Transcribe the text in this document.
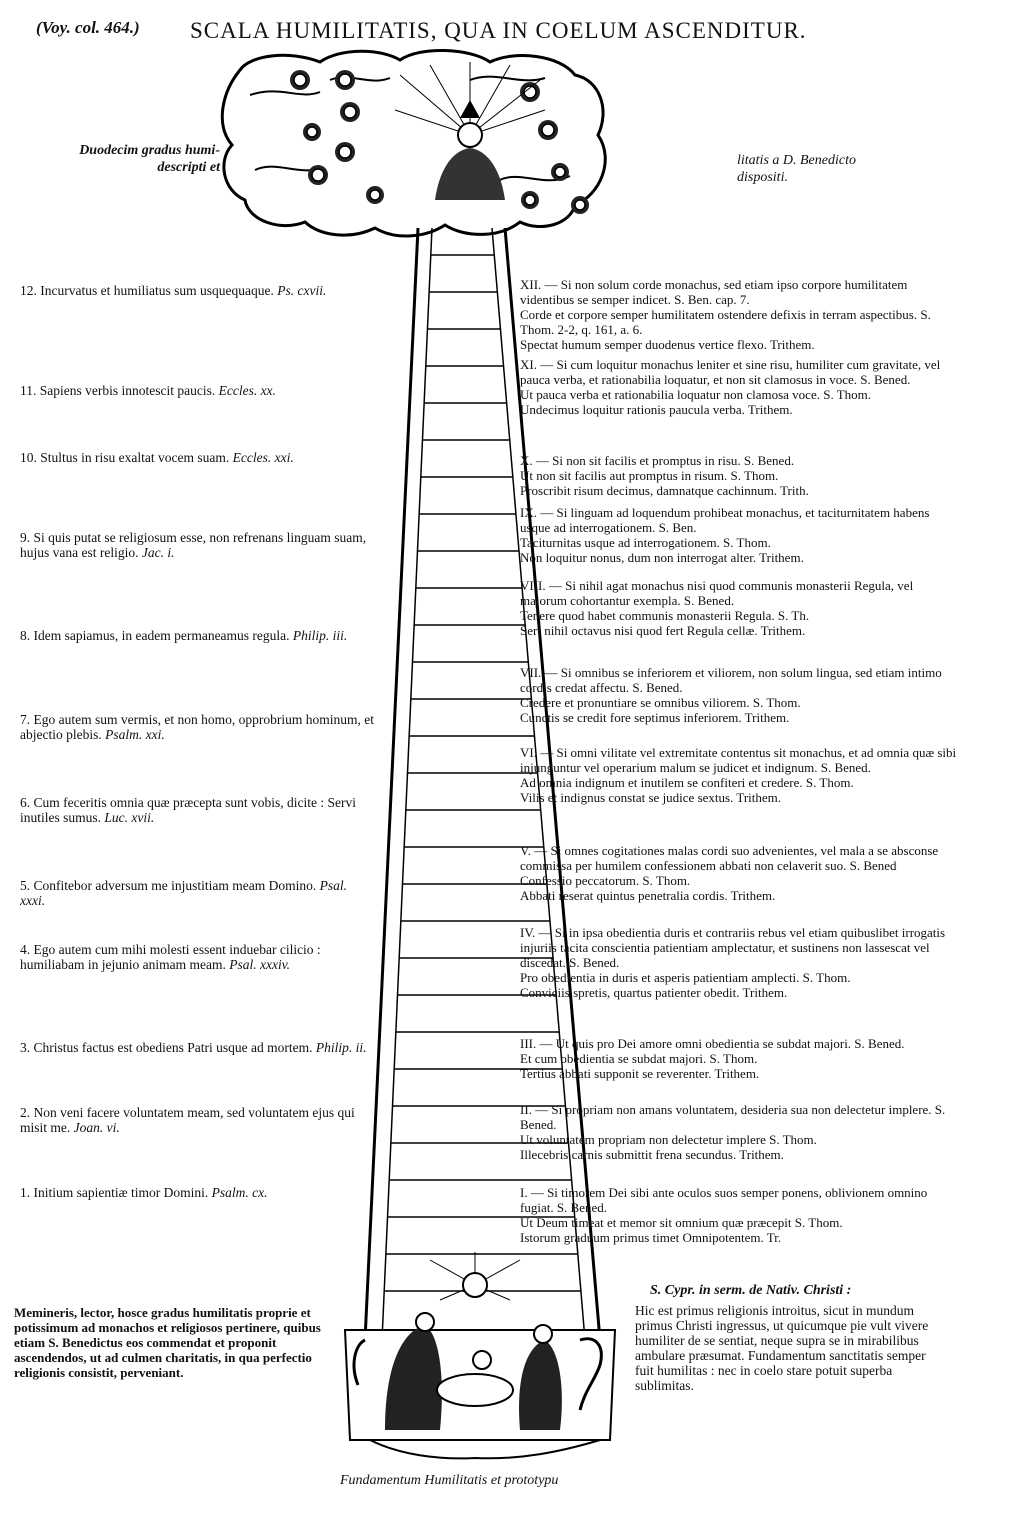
(Voy. col. 464.) SCALA HUMILITATIS, QUA IN COELUM ASCENDITUR.
Duodecim gradus humi- descripti et	litatis a D. Benedicto dispositi.
12. Incurvatus et humiliatus sum usquequaque. Ps. cxvii.
11. Sapiens verbis innotescit paucis. Eccles. xx.
10. Stultus in risu exaltat vocem suam. Eccles. xxi.
9. Si quis putat se religiosum esse, non refrenans linguam suam, hujus vana est religio. Jac. i.
8. Idem sapiamus, in eadem permaneamus regula. Philip. iii.
7. Ego autem sum vermis, et non homo, opprobrium hominum, et abjectio plebis. Psalm. xxi.
6. Cum feceritis omnia quæ præcepta sunt vobis, dicite : Servi inutiles sumus. Luc. xvii.
5. Confitebor adversum me injustitiam meam Domino. Psal. xxxi.
4. Ego autem cum mihi molesti essent induebar cilicio : humiliabam in jejunio animam meam. Psal. xxxiv.
3. Christus factus est obediens Patri usque ad mortem. Philip. ii.
2. Non veni facere voluntatem meam, sed voluntatem ejus qui misit me. Joan. vi.
1. Initium sapientiæ timor Domini. Psalm. cx.
XII. — Si non solum corde monachus, sed etiam ipso corpore humilitatem videntibus se semper indicet. S. Ben. cap. 7.
Corde et corpore semper humilitatem ostendere defixis in terram aspectibus. S. Thom. 2-2, q. 161, a. 6.
Spectat humum semper duodenus vertice flexo. Trithem.
XI. — Si cum loquitur monachus leniter et sine risu, humiliter cum gravitate, vel pauca verba, et rationabilia loquatur, et non sit clamosus in voce. S. Bened.
Ut pauca verba et rationabilia loquatur non clamosa voce. S. Thom.
Undecimus loquitur rationis paucula verba. Trithem.
X. — Si non sit facilis et promptus in risu. S. Bened.
Ut non sit facilis aut promptus in risum. S. Thom.
Proscribit risum decimus, damnatque cachinnum. Trith.
IX. — Si linguam ad loquendum prohibeat monachus, et taciturnitatem habens usque ad interrogationem. S. Ben.
Taciturnitas usque ad interrogationem. S. Thom.
Non loquitur nonus, dum non interrogat alter. Trithem.
VIII. — Si nihil agat monachus nisi quod communis monasterii Regula, vel majorum cohortantur exempla. S. Bened.
Tenere quod habet communis monasterii Regula. S. Th.
Sert nihil octavus nisi quod fert Regula cellæ. Trithem.
VII. — Si omnibus se inferiorem et viliorem, non solum lingua, sed etiam intimo cordis credat affectu. S. Bened.
Credere et pronuntiare se omnibus viliorem. S. Thom.
Cunctis se credit fore septimus inferiorem. Trithem.
VI. — Si omni vilitate vel extremitate contentus sit monachus, et ad omnia quæ sibi injunguntur vel operarium malum se judicet et indignum. S. Bened.
Ad omnia indignum et inutilem se confiteri et credere. S. Thom.
Vilis et indignus constat se judice sextus. Trithem.
V. — Si omnes cogitationes malas cordi suo advenientes, vel mala a se absconse commissa per humilem confessionem abbati non celaverit suo. S. Bened
Confessio peccatorum. S. Thom.
Abbati reserat quintus penetralia cordis. Trithem.
IV. — Si in ipsa obedientia duris et contrariis rebus vel etiam quibuslibet irrogatis injuriis tacita conscientia patientiam amplectatur, et sustinens non lassescat vel discedat. S. Bened.
Pro obedientia in duris et asperis patientiam amplecti. S. Thom.
Conviciis spretis, quartus patienter obedit. Trithem.
III. — Ut quis pro Dei amore omni obedientia se subdat majori. S. Bened.
Et cum obedientia se subdat majori. S. Thom.
Tertius abbati supponit se reverenter. Trithem.
II. — Si propriam non amans voluntatem, desideria sua non delectetur implere. S. Bened.
Ut voluntatem propriam non delectetur implere S. Thom.
Illecebris carnis submittit frena secundus. Trithem.
I. — Si timorem Dei sibi ante oculos suos semper ponens, oblivionem omnino fugiat. S. Bened.
Ut Deum timeat et memor sit omnium quæ præcepit S. Thom.
Istorum graduum primus timet Omnipotentem. Tr.
Memineris, lector, hosce gradus humilitatis proprie et potissimum ad monachos et religiosos pertinere, quibus etiam S. Benedictus eos commendat et proponit ascendendos, ut ad culmen charitatis, in qua perfectio religionis consistit, perveniant.
S. Cypr. in serm. de Nativ. Christi :
Hic est primus religionis introitus, sicut in mundum primus Christi ingressus, ut quicumque pie vult vivere humiliter de se sentiat, neque supra se in mirabilibus ambulare præsumat. Fundamentum sanctitatis semper fuit humilitas : nec in coelo stare potuit superba sublimitas.
Fundamentum Humilitatis et prototypu
